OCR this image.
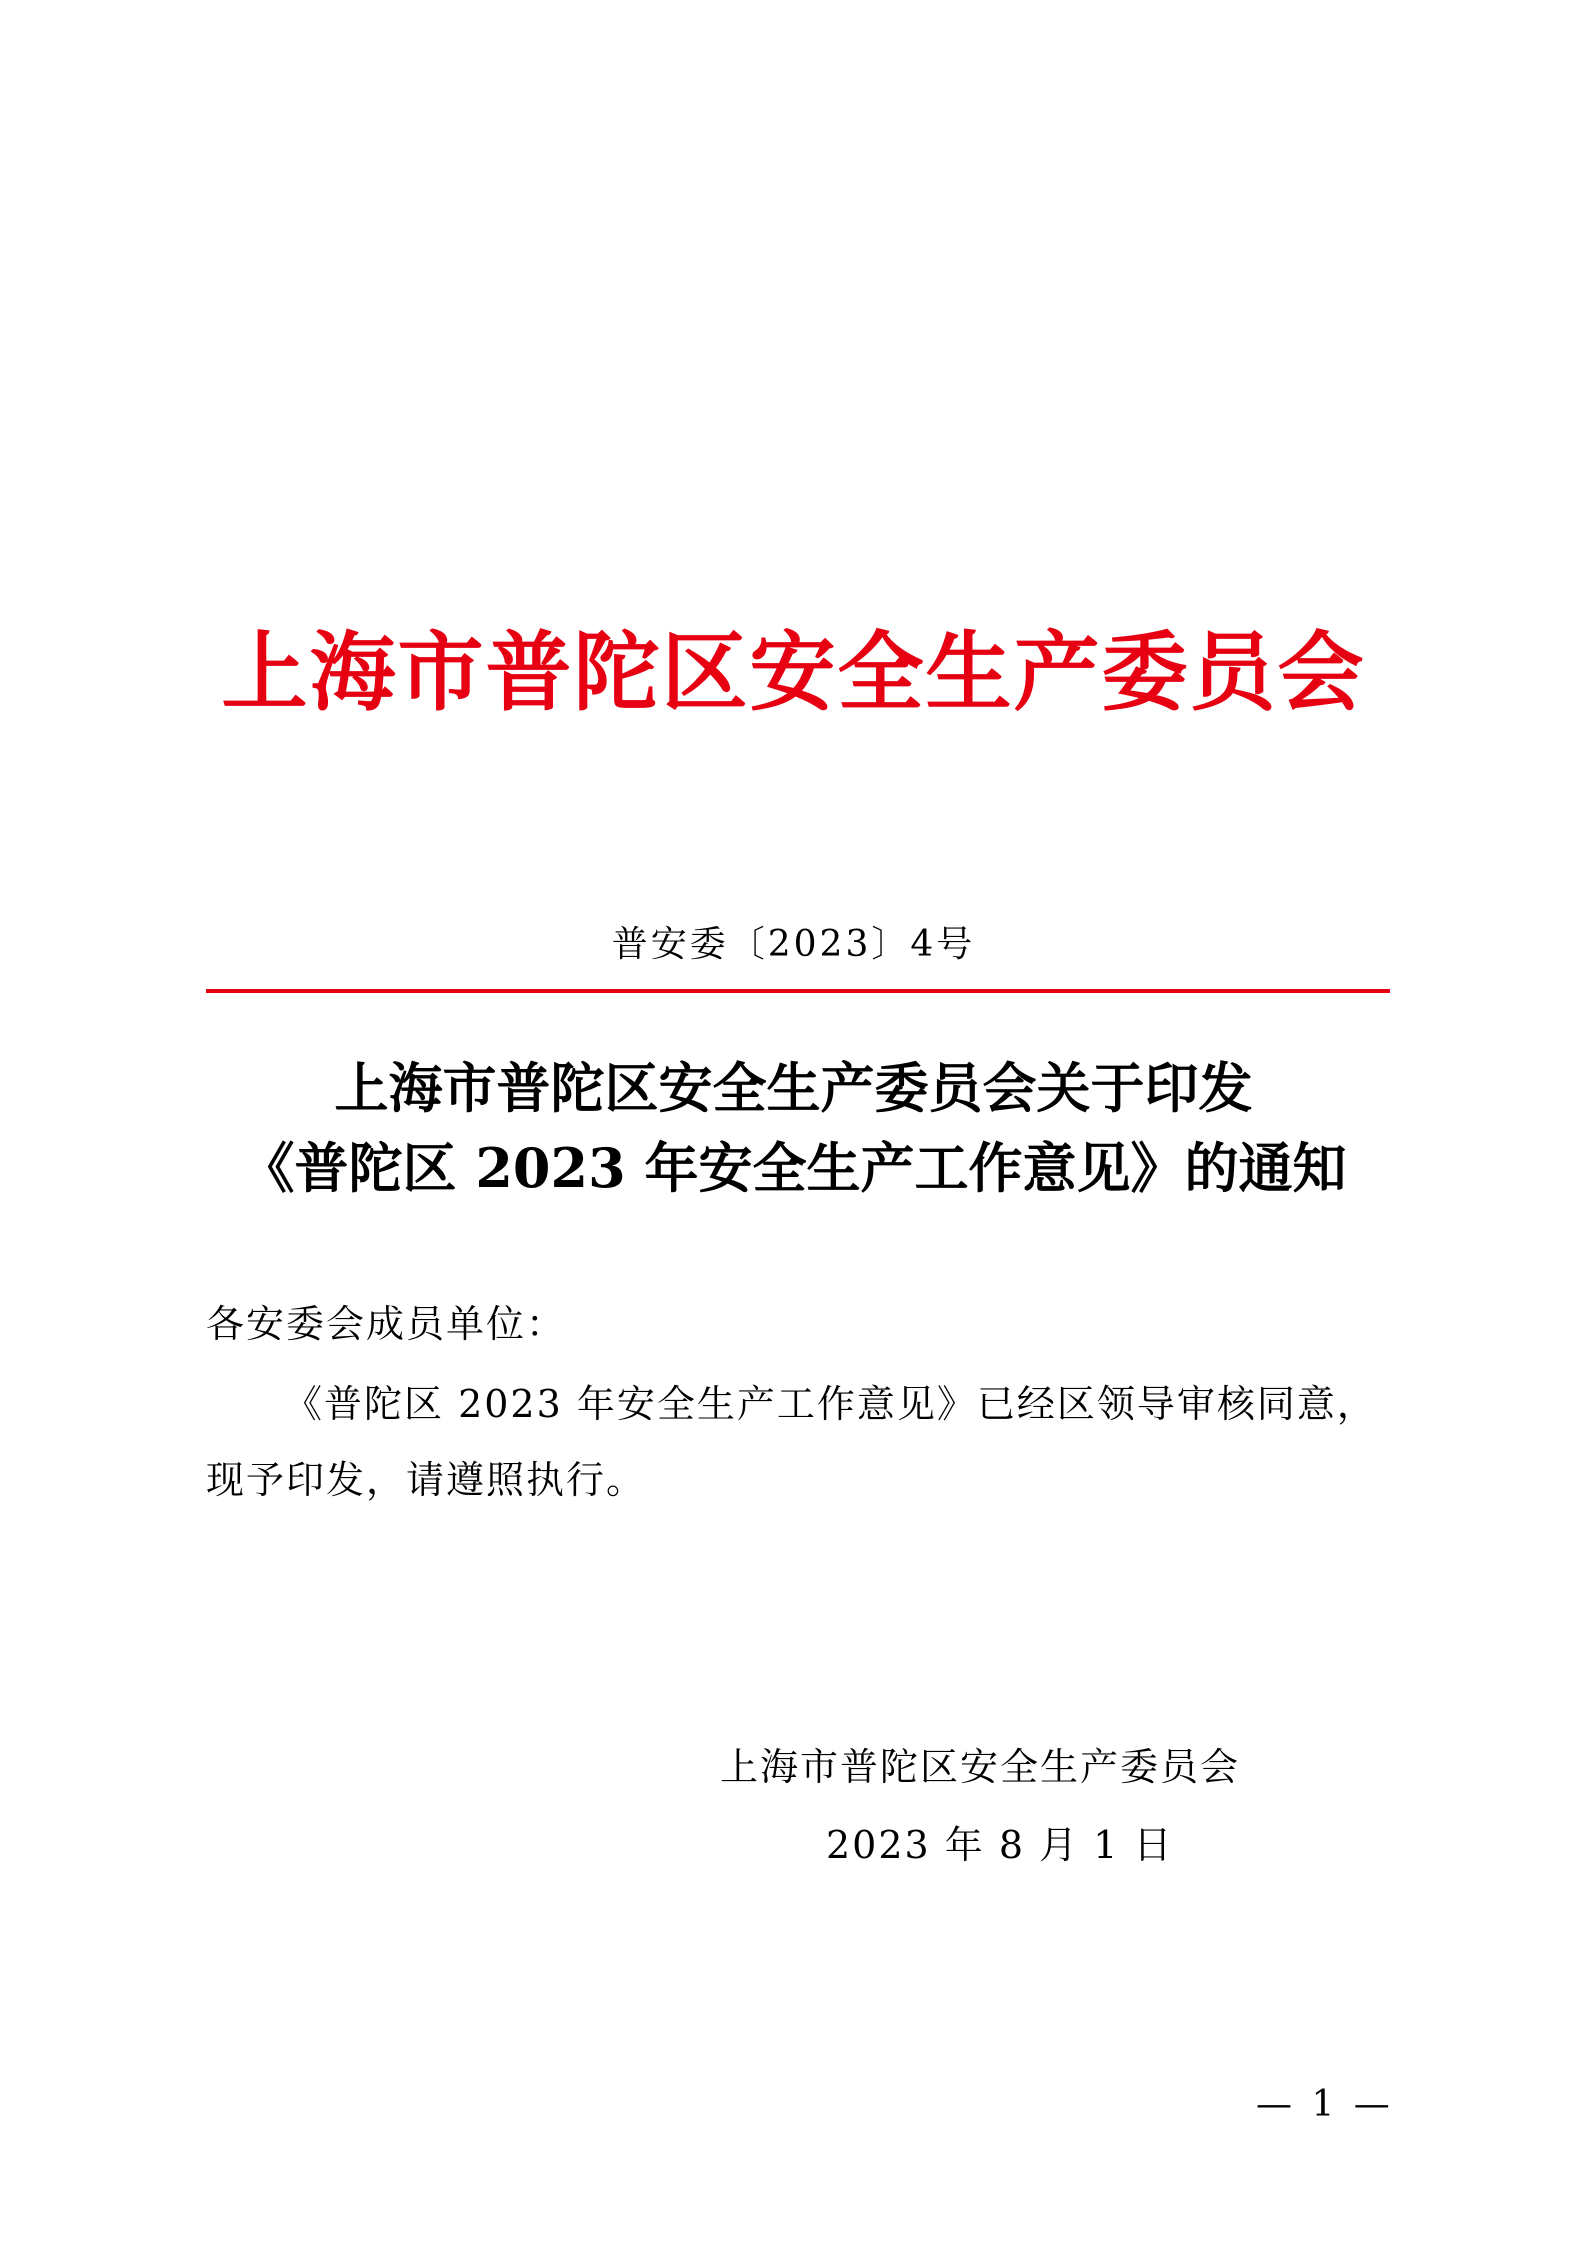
上海市普陀区安全生产委员会
普安委〔2023〕4号
上海市普陀区安全生产委员会关于印发
《普陀区 2023 年安全生产工作意见》的通知
各安委会成员单位：
《普陀区 2023 年安全生产工作意见》已经区领导审核同意，
现予印发，请遵照执行。
上海市普陀区安全生产委员会
2023 年 8 月 1 日
— 1 —
